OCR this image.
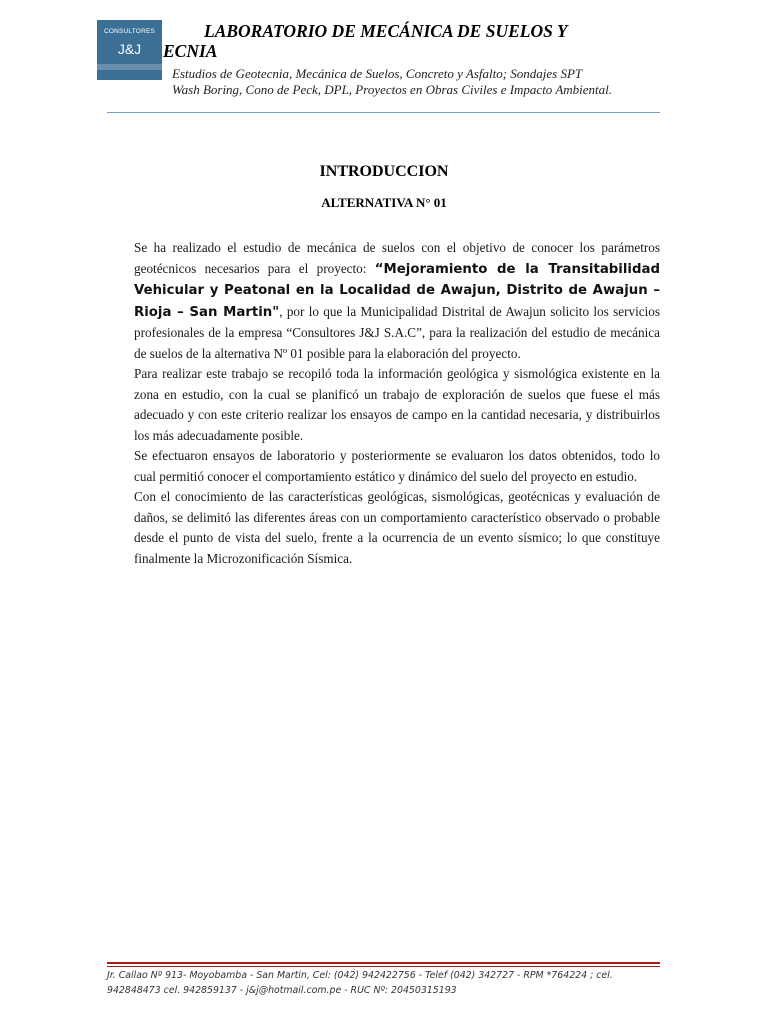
CONSULTORES
J&J
LABORATORIO DE MECÁNICA DE SUELOS Y
ECNIA
Estudios de Geotecnia, Mecánica de Suelos, Concreto y Asfalto; Sondajes SPT
Wash Boring, Cono de Peck, DPL, Proyectos en Obras Civiles e Impacto Ambiental.
INTRODUCCION
ALTERNATIVA N° 01

Se ha realizado el estudio de mecánica de suelos con el objetivo de conocer los parámetros geotécnicos necesarios para el proyecto: “Mejoramiento de la Transitabilidad Vehicular y Peatonal en la Localidad de Awajun, Distrito de Awajun – Rioja – San Martin", por lo que la Municipalidad Distrital de Awajun solicito los servicios profesionales de la empresa “Consultores J&J S.A.C”, para la realización del estudio de mecánica de suelos de la alternativa Nº 01 posible para la elaboración del proyecto.

Para realizar este trabajo se recopiló toda la información geológica y sismológica existente en la zona en estudio, con la cual se planificó un trabajo de exploración de suelos que fuese el más adecuado y con este criterio realizar los ensayos de campo en la cantidad necesaria, y distribuirlos los más adecuadamente posible.

Se efectuaron ensayos de laboratorio y posteriormente se evaluaron los datos obtenidos, todo lo cual permitió conocer el comportamiento estático y dinámico del suelo del proyecto en estudio.

Con el conocimiento de las características geológicas, sismológicas, geotécnicas y evaluación de daños, se delimitó las diferentes áreas con un comportamiento característico observado o probable desde el punto de vista del suelo, frente a la ocurrencia de un evento sísmico; lo que constituye finalmente la Microzonificación Sísmica.

Jr. Callao Nº 913- Moyobamba - San Martin, Cel: (042) 942422756 - Telef (042) 342727 - RPM *764224 ; cel.
942848473 cel. 942859137 - j&j@hotmail.com.pe - RUC Nº: 20450315193
